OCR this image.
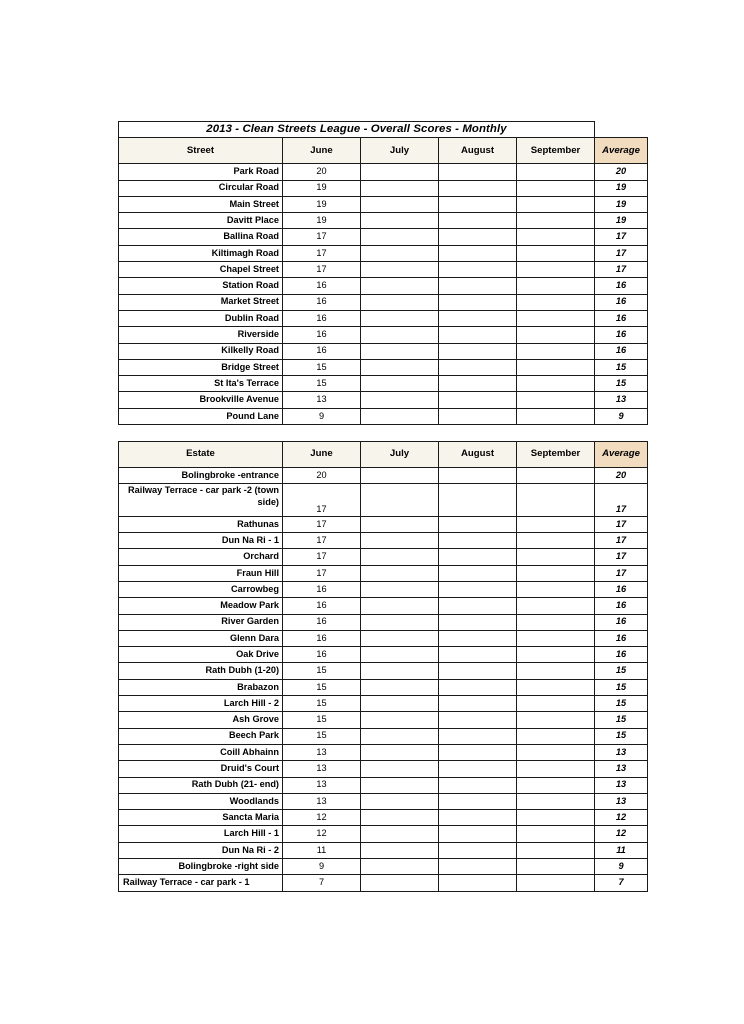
2013 - Clean Streets League - Overall Scores - Monthly					
Street	June	July	August	September	Average
Park Road	20				20
Circular Road	19				19
Main Street	19				19
Davitt Place	19				19
Ballina Road	17				17
Kiltimagh Road	17				17
Chapel Street	17				17
Station Road	16				16
Market Street	16				16
Dublin Road	16				16
Riverside	16				16
Kilkelly Road	16				16
Bridge Street	15				15
St Ita's Terrace	15				15
Brookville Avenue	13				13
Pound Lane	9				9
Estate	June	July	August	September	Average
Bolingbroke -entrance	20				20
Railway Terrace - car park -2 (town side)	17				17
Rathunas	17				17
Dun Na Ri - 1	17				17
Orchard	17				17
Fraun Hill	17				17
Carrowbeg	16				16
Meadow Park	16				16
River Garden	16				16
Glenn Dara	16				16
Oak Drive	16				16
Rath Dubh (1-20)	15				15
Brabazon	15				15
Larch Hill - 2	15				15
Ash Grove	15				15
Beech Park	15				15
Coill Abhainn	13				13
Druid's Court	13				13
Rath Dubh (21- end)	13				13
Woodlands	13				13
Sancta Maria	12				12
Larch Hill - 1	12				12
Dun Na Ri - 2	11				11
Bolingbroke -right side	9				9
Railway Terrace - car park - 1	7				7
